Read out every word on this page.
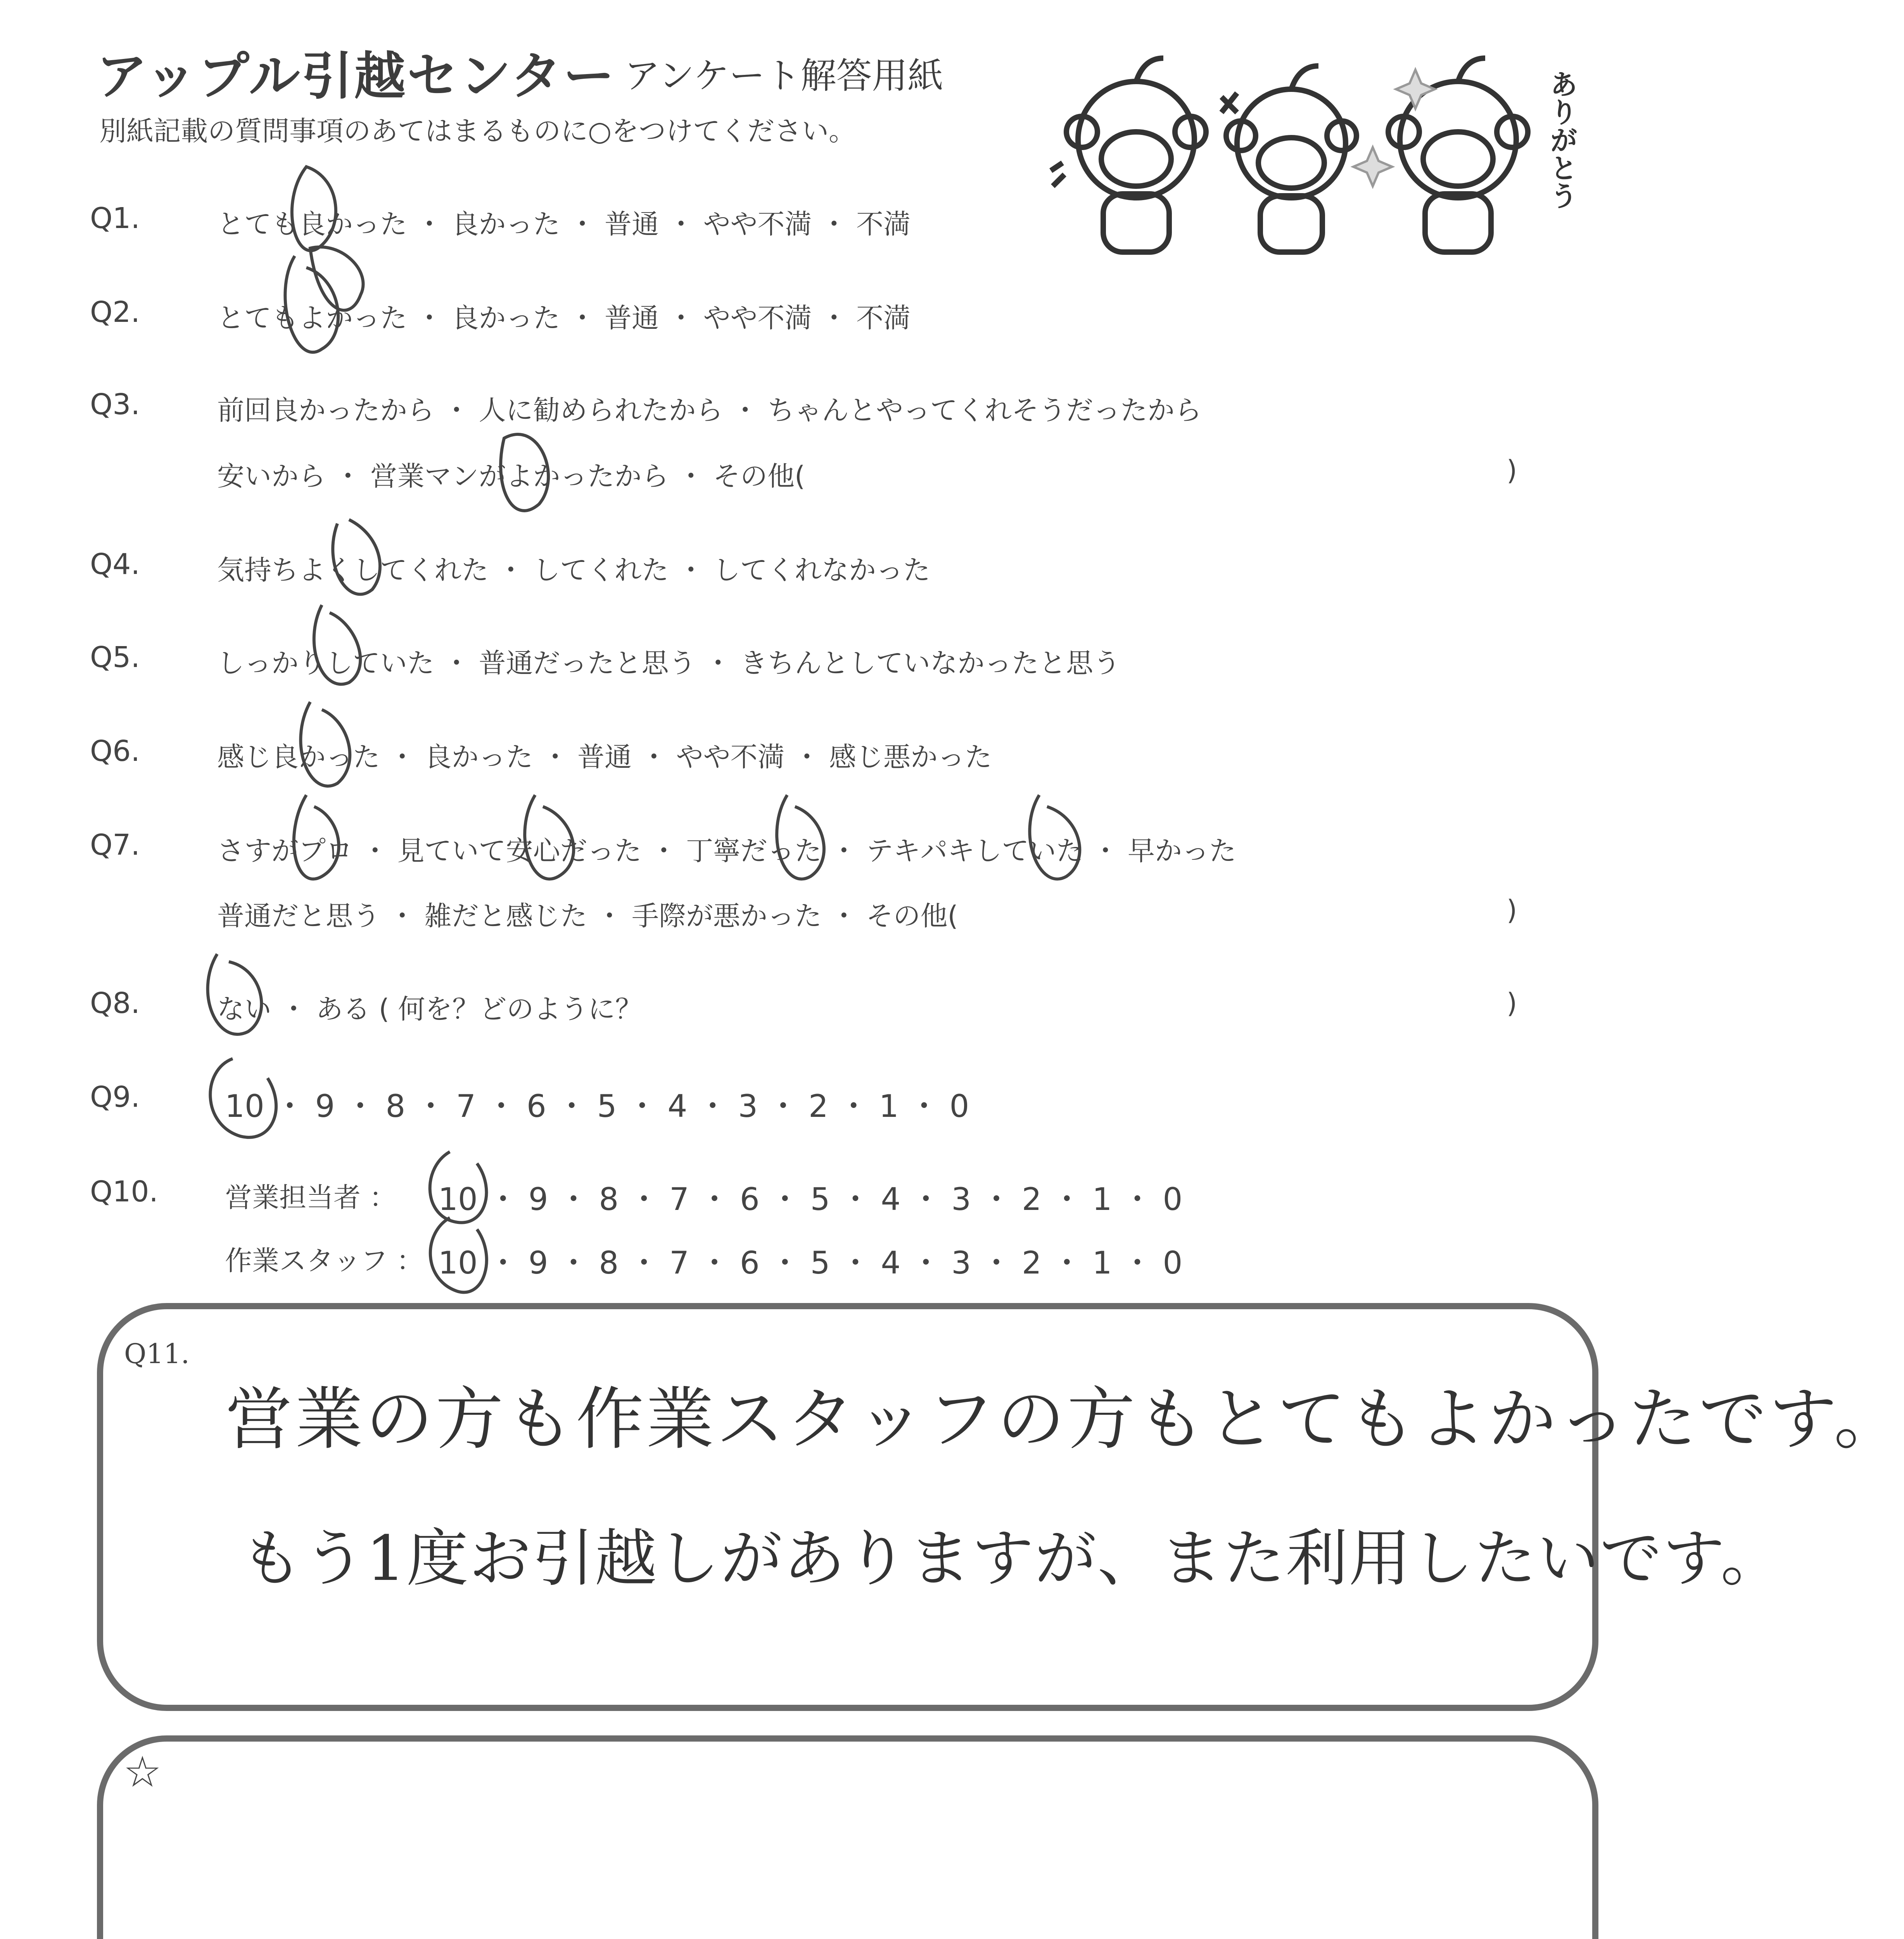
アップル引越センター アンケート解答用紙
別紙記載の質問事項のあてはまるものに○をつけてください。	ありがとう
Q1.	とても良かった ・ 良かった ・ 普通 ・ やや不満 ・ 不満
Q2.	とてもよかった ・ 良かった ・ 普通 ・ やや不満 ・ 不満
Q3.	前回良かったから ・ 人に勧められたから ・ ちゃんとやってくれそうだったから
安いから ・ 営業マンがよかったから ・ その他(	)
Q4.	気持ちよくしてくれた ・ してくれた ・ してくれなかった
Q5.	しっかりしていた ・ 普通だったと思う ・ きちんとしていなかったと思う
Q6.	感じ良かった ・ 良かった ・ 普通 ・ やや不満 ・ 感じ悪かった
Q7.	さすがプロ ・ 見ていて安心だった ・ 丁寧だった ・ テキパキしていた ・ 早かった
普通だと思う ・ 雑だと感じた ・ 手際が悪かった ・ その他(	)
Q8.	ない ・ ある ( 何を？どのように？	)
Q9.	10 ・ 9 ・ 8 ・ 7 ・ 6 ・ 5 ・ 4 ・ 3 ・ 2 ・ 1 ・ 0
Q10. 営業担当者 ： 10 ・ 9 ・ 8 ・ 7 ・ 6 ・ 5 ・ 4 ・ 3 ・ 2 ・ 1 ・ 0
作業スタッフ ： 10 ・ 9 ・ 8 ・ 7 ・ 6 ・ 5 ・ 4 ・ 3 ・ 2 ・ 1 ・ 0
Q11.
営業の方も作業スタッフの方もとてもよかったです。
もう1度お引越しがありますが、また利用したいです。
☆
